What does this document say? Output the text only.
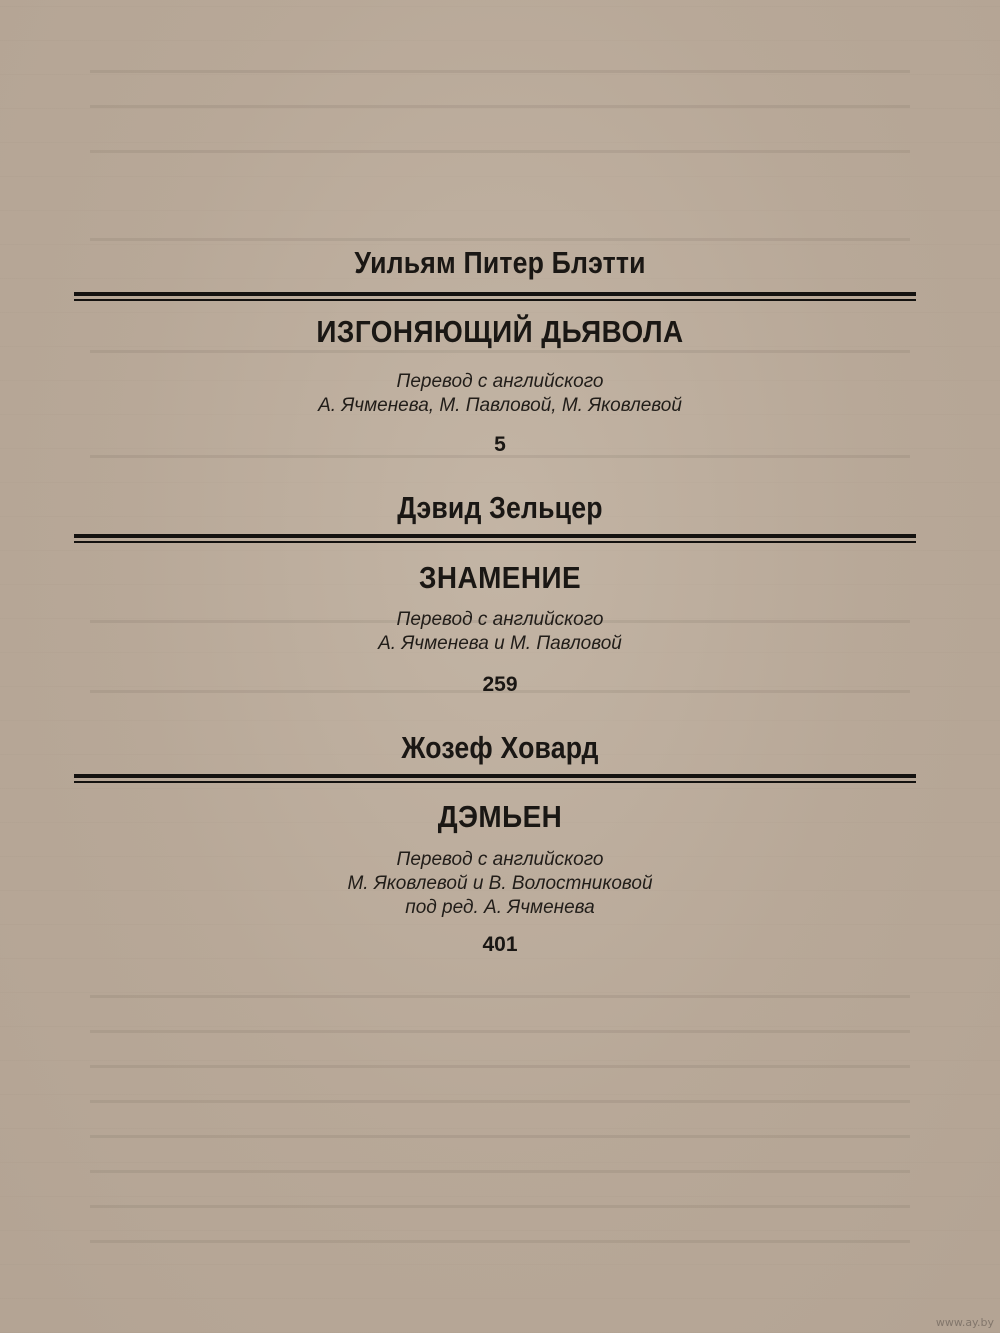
Уильям Питер Блэтти
ИЗГОНЯЮЩИЙ ДЬЯВОЛА
Перевод с английского
А. Ячменева, М. Павловой, М. Яковлевой
5
Дэвид Зельцер
ЗНАМЕНИЕ
Перевод с английского
А. Ячменева и М. Павловой
259
Жозеф Ховард
ДЭМЬЕН
Перевод с английского
М. Яковлевой и В. Волостниковой
под ред. А. Ячменева
401
www.ay.by
